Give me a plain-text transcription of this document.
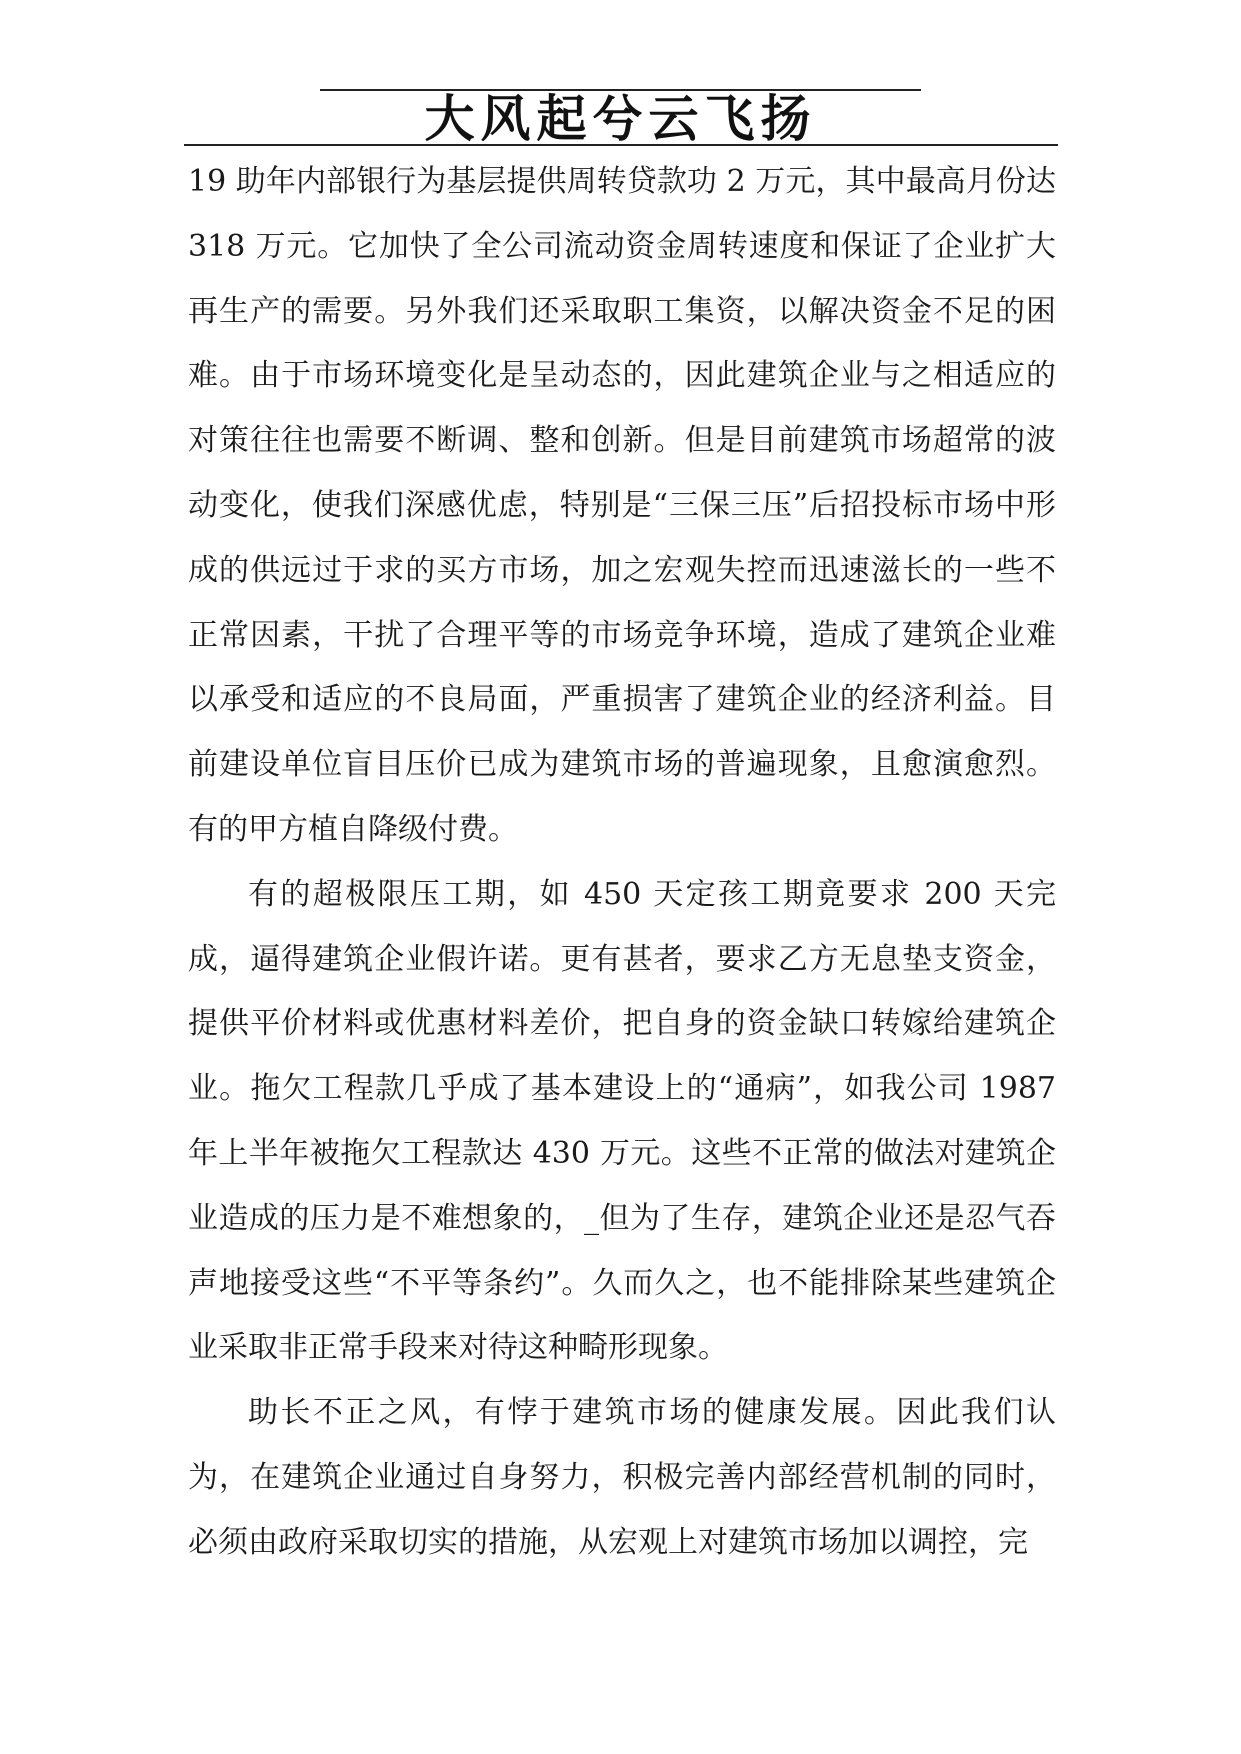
大风起兮云飞扬

19 助年内部银行为基层提供周转贷款功 2 万元，其中最高月份达 318 万元。它加快了全公司流动资金周转速度和保证了企业扩大再生产的需要。另外我们还采取职工集资，以解决资金不足的困难。由于市场环境变化是呈动态的，因此建筑企业与之相适应的对策往往也需要不断调、整和创新。但是目前建筑市场超常的波动变化，使我们深感优虑，特别是“三保三压”后招投标市场中形成的供远过于求的买方市场，加之宏观失控而迅速滋长的一些不正常因素，干扰了合理平等的市场竞争环境，造成了建筑企业难以承受和适应的不良局面，严重损害了建筑企业的经济利益。目前建设单位盲目压价已成为建筑市场的普遍现象，且愈演愈烈。有的甲方植自降级付费。

有的超极限压工期，如 450 天定孩工期竟要求 200 天完成，逼得建筑企业假许诺。更有甚者，要求乙方无息垫支资金，提供平价材料或优惠材料差价，把自身的资金缺口转嫁给建筑企业。拖欠工程款几乎成了基本建设上的“通病”，如我公司 1987 年上半年被拖欠工程款达 430 万元。这些不正常的做法对建筑企业造成的压力是不难想象的，_但为了生存，建筑企业还是忍气吞声地接受这些“不平等条约”。久而久之，也不能排除某些建筑企业采取非正常手段来对待这种畸形现象。

助长不正之风，有悖于建筑市场的健康发展。因此我们认为，在建筑企业通过自身努力，积极完善内部经营机制的同时，必须由政府采取切实的措施，从宏观上对建筑市场加以调控，完
